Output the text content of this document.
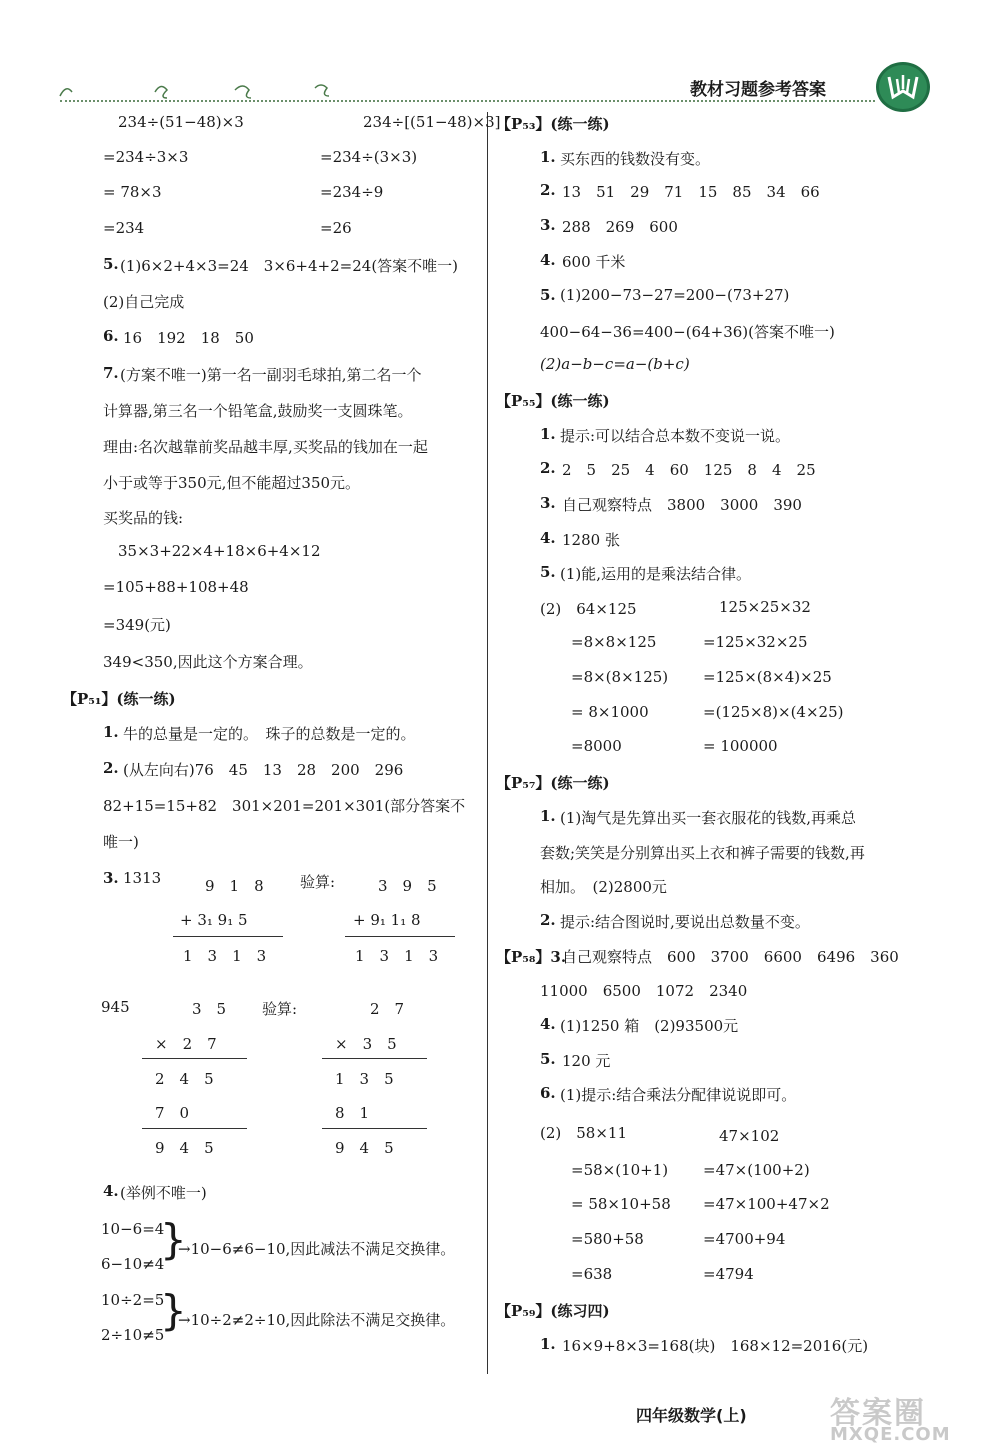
教材习题参考答案
234÷(51−48)×3	234÷[(51−48)×3]
=234÷3×3	=234÷(3×3)
= 78×3	=234÷9
=234	=26
5. (1)6×2+4×3=24　3×6+4+2=24(答案不唯一)
(2)自己完成
6. 16　192　18　50
7. (方案不唯一)第一名一副羽毛球拍,第二名一个
计算器,第三名一个铅笔盒,鼓励奖一支圆珠笔。
理由:名次越靠前奖品越丰厚,买奖品的钱加在一起
小于或等于350元,但不能超过350元。
买奖品的钱:
35×3+22×4+18×6+4×12
=105+88+108+48
=349(元)
349<350,因此这个方案合理。
【P₅₁】(练一练)
1. 牛的总量是一定的。　珠子的总数是一定的。
2. (从左向右)76　45　13　28　200　296
82+15=15+82　301×201=201×301(部分答案不
唯一)
3. 1313	9　1　8
+ 3₁ 9₁ 5
1　3　1　3
验算:	3　9　5
+ 9₁ 1₁ 8
1　3　1　3
945	3　5
×　2　7
2　4　5
7　0
9　4　5
验算:	2　7
×　3　5
1　3　5
8　1
9　4　5
4. (举例不唯一)
10−6=4
6−10≠4
}
→10−6≠6−10,因此减法不满足交换律。
10÷2=5
2÷10≠5
}
→10÷2≠2÷10,因此除法不满足交换律。
【P₅₃】(练一练)
1. 买东西的钱数没有变。
2. 13　51　29　71　15　85　34　66
3. 288　269　600
4. 600 千米
5. (1)200−73−27=200−(73+27)
400−64−36=400−(64+36)(答案不唯一)
(2)a−b−c=a−(b+c)
【P₅₅】(练一练)
1. 提示:可以结合总本数不变说一说。
2. 2　5　25　4　60　125　8　4　25
3. 自己观察特点　3800　3000　390
4. 1280 张
5. (1)能,运用的是乘法结合律。
(2)　64×125	125×25×32
=8×8×125	=125×32×25
=8×(8×125) =125×(8×4)×25
= 8×1000	=(125×8)×(4×25)
=8000	= 100000
【P₅₇】(练一练)
1. (1)淘气是先算出买一套衣服花的钱数,再乘总
套数;笑笑是分别算出买上衣和裤子需要的钱数,再
相加。　(2)2800元
2. 提示:结合图说时,要说出总数量不变。
【P₅₈】3.
自己观察特点　600　3700　6600　6496　360
11000　6500　1072　2340
4. (1)1250 箱　(2)93500元
5. 120 元
6. (1)提示:结合乘法分配律说说即可。
(2)　58×11	47×102
=58×(10+1) =47×(100+2)
= 58×10+58 =47×100+47×2
=580+58	=4700+94
=638	=4794
【P₅₉】(练习四)
1. 16×9+8×3=168(块)　168×12=2016(元)
四年级数学(上)	答案圈
MXQE.COM
